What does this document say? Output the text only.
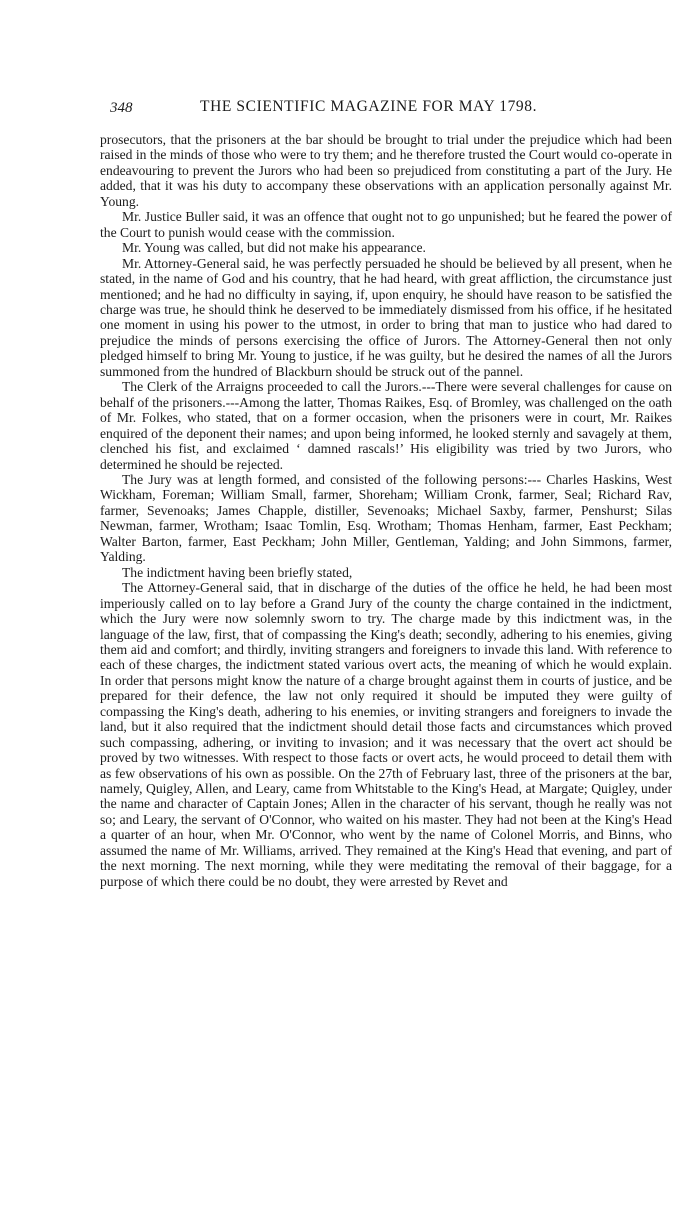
348	THE SCIENTIFIC MAGAZINE FOR MAY 1798.

prosecutors, that the prisoners at the bar should be brought to trial under the prejudice which had been raised in the minds of those who were to try them; and he therefore trusted the Court would co-operate in endeavouring to prevent the Jurors who had been so prejudiced from constituting a part of the Jury. He added, that it was his duty to accompany these observations with an application personally against Mr. Young.

Mr. Justice Buller said, it was an offence that ought not to go unpunished; but he feared the power of the Court to punish would cease with the commission.

Mr. Young was called, but did not make his appearance.

Mr. Attorney-General said, he was perfectly persuaded he should be believed by all present, when he stated, in the name of God and his country, that he had heard, with great affliction, the circumstance just mentioned; and he had no difficulty in saying, if, upon enquiry, he should have reason to be satisfied the charge was true, he should think he deserved to be immediately dismissed from his office, if he hesitated one moment in using his power to the utmost, in order to bring that man to justice who had dared to prejudice the minds of persons exercising the office of Jurors. The Attorney-General then not only pledged himself to bring Mr. Young to justice, if he was guilty, but he desired the names of all the Jurors summoned from the hundred of Blackburn should be struck out of the pannel.

The Clerk of the Arraigns proceeded to call the Jurors.---There were several challenges for cause on behalf of the prisoners.---Among the latter, Thomas Raikes, Esq. of Bromley, was challenged on the oath of Mr. Folkes, who stated, that on a former occasion, when the prisoners were in court, Mr. Raikes enquired of the deponent their names; and upon being informed, he looked sternly and savagely at them, clenched his fist, and exclaimed ‘ damned rascals!’ His eligibility was tried by two Jurors, who determined he should be rejected.

The Jury was at length formed, and consisted of the following persons:--- Charles Haskins, West Wickham, Foreman; William Small, farmer, Shoreham; William Cronk, farmer, Seal; Richard Rav, farmer, Sevenoaks; James Chapple, distiller, Sevenoaks; Michael Saxby, farmer, Penshurst; Silas Newman, farmer, Wrotham; Isaac Tomlin, Esq. Wrotham; Thomas Henham, farmer, East Peckham; Walter Barton, farmer, East Peckham; John Miller, Gentleman, Yalding; and John Simmons, farmer, Yalding.

The indictment having been briefly stated,

The Attorney-General said, that in discharge of the duties of the office he held, he had been most imperiously called on to lay before a Grand Jury of the county the charge contained in the indictment, which the Jury were now solemnly sworn to try. The charge made by this indictment was, in the language of the law, first, that of compassing the King's death; secondly, adhering to his enemies, giving them aid and comfort; and thirdly, inviting strangers and foreigners to invade this land. With reference to each of these charges, the indictment stated various overt acts, the meaning of which he would explain. In order that persons might know the nature of a charge brought against them in courts of justice, and be prepared for their defence, the law not only required it should be imputed they were guilty of compassing the King's death, adhering to his enemies, or inviting strangers and foreigners to invade the land, but it also required that the indictment should detail those facts and circumstances which proved such compassing, adhering, or inviting to invasion; and it was necessary that the overt act should be proved by two witnesses. With respect to those facts or overt acts, he would proceed to detail them with as few observations of his own as possible. On the 27th of February last, three of the prisoners at the bar, namely, Quigley, Allen, and Leary, came from Whitstable to the King's Head, at Margate; Quigley, under the name and character of Captain Jones; Allen in the character of his servant, though he really was not so; and Leary, the servant of O'Connor, who waited on his master. They had not been at the King's Head a quarter of an hour, when Mr. O'Connor, who went by the name of Colonel Morris, and Binns, who assumed the name of Mr. Williams, arrived. They remained at the King's Head that evening, and part of the next morning. The next morning, while they were meditating the removal of their baggage, for a purpose of which there could be no doubt, they were arrested by Revet and
